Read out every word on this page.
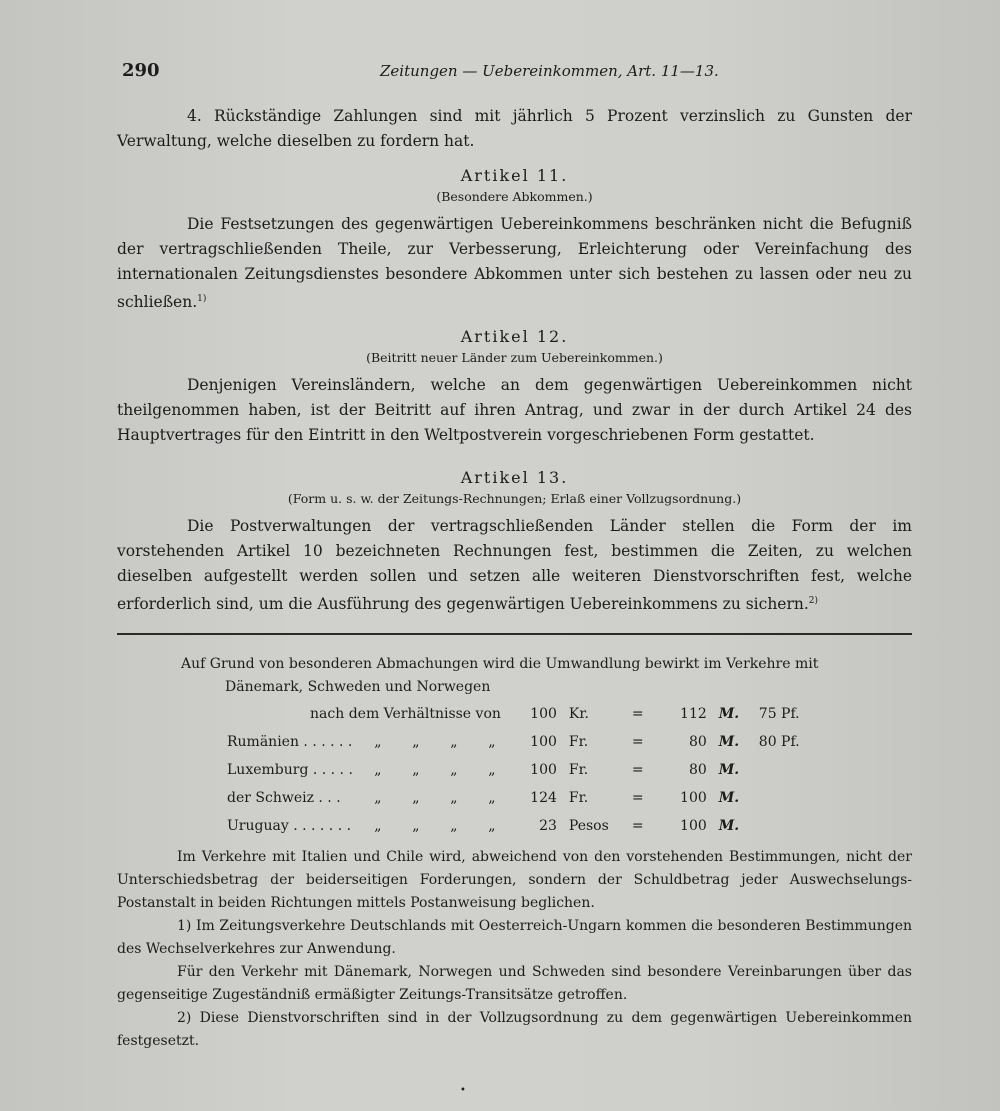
290	Zeitungen — Uebereinkommen, Art. 11—13.

4. Rückständige Zahlungen sind mit jährlich 5 Prozent verzinslich zu Gunsten der Verwaltung, welche dieselben zu fordern hat.

Artikel 11.
(Besondere Abkommen.)

Die Festsetzungen des gegenwärtigen Uebereinkommens beschränken nicht die Befugniß der vertragschließenden Theile, zur Verbesserung, Erleichterung oder Vereinfachung des internationalen Zeitungsdienstes besondere Abkommen unter sich bestehen zu lassen oder neu zu schließen.$^{1)}$

Artikel 12.
(Beitritt neuer Länder zum Uebereinkommen.)

Denjenigen Vereinsländern, welche an dem gegenwärtigen Uebereinkommen nicht theilgenommen haben, ist der Beitritt auf ihren Antrag, und zwar in der durch Artikel 24 des Hauptvertrages für den Eintritt in den Weltpostverein vorgeschriebenen Form gestattet.

Artikel 13.
(Form u. s. w. der Zeitungs-Rechnungen; Erlaß einer Vollzugsordnung.)

Die Postverwaltungen der vertragschließenden Länder stellen die Form der im vorstehenden Artikel 10 bezeichneten Rechnungen fest, bestimmen die Zeiten, zu welchen dieselben aufgestellt werden sollen und setzen alle weiteren Dienstvorschriften fest, welche erforderlich sind, um die Ausführung des gegenwärtigen Uebereinkommens zu sichern.$^{2)}$

Auf Grund von besonderen Abmachungen wird die Umwandlung bewirkt im Verkehre mit

Dänemark, Schweden und Norwegen
nach dem Verhältnisse von					100	Kr.	=	112	M.	75 Pf.
Rumänien . . . . . .	„	„	„	„	100	Fr.	=	80	M.	80 Pf.
Luxemburg . . . . .	„	„	„	„	100	Fr.	=	80	M.	
der Schweiz . . .	„	„	„	„	124	Fr.	=	100	M.	
Uruguay . . . . . . .	„	„	„	„	23	Pesos	=	100	M.	

Im Verkehre mit Italien und Chile wird, abweichend von den vorstehenden Bestimmungen, nicht der Unterschiedsbetrag der beiderseitigen Forderungen, sondern der Schuldbetrag jeder Auswechselungs-Postanstalt in beiden Richtungen mittels Postanweisung beglichen.

1) Im Zeitungsverkehre Deutschlands mit Oesterreich-Ungarn kommen die besonderen Bestimmungen des Wechselverkehres zur Anwendung.

Für den Verkehr mit Dänemark, Norwegen und Schweden sind besondere Vereinbarungen über das gegenseitige Zugeständniß ermäßigter Zeitungs-Transitsätze getroffen.

2) Diese Dienstvorschriften sind in der Vollzugsordnung zu dem gegenwärtigen Uebereinkommen festgesetzt.

•
